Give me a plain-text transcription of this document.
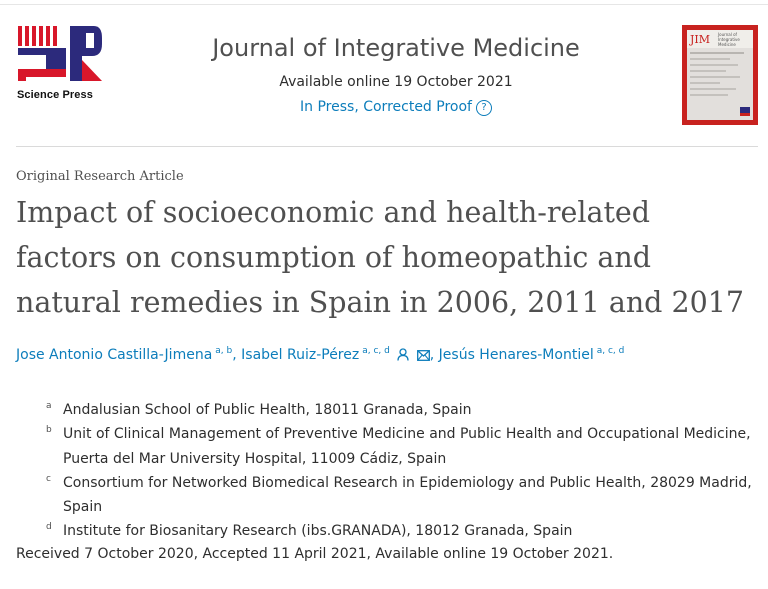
Science Press
Journal of Integrative Medicine
Available online 19 October 2021
In Press, Corrected Proof ?
JIM Journal of
Integrative
Medicine
Original Research Article
Impact of socioeconomic and health-related
factors on consumption of homeopathic and
natural remedies in Spain in 2006, 2011 and 2017
Jose Antonio Castilla-Jimena $^{a, b}$, Isabel Ruiz-Pérez $^{a, c, d}$	, Jesús Henares-Montiel $^{a, c, d}$
a Andalusian School of Public Health, 18011 Granada, Spain
b Unit of Clinical Management of Preventive Medicine and Public Health and Occupational Medicine, Puerta del Mar University Hospital, 11009 Cádiz, Spain
c Consortium for Networked Biomedical Research in Epidemiology and Public Health, 28029 Madrid, Spain
d Institute for Biosanitary Research (ibs.GRANADA), 18012 Granada, Spain
Received 7 October 2020, Accepted 11 April 2021, Available online 19 October 2021.
